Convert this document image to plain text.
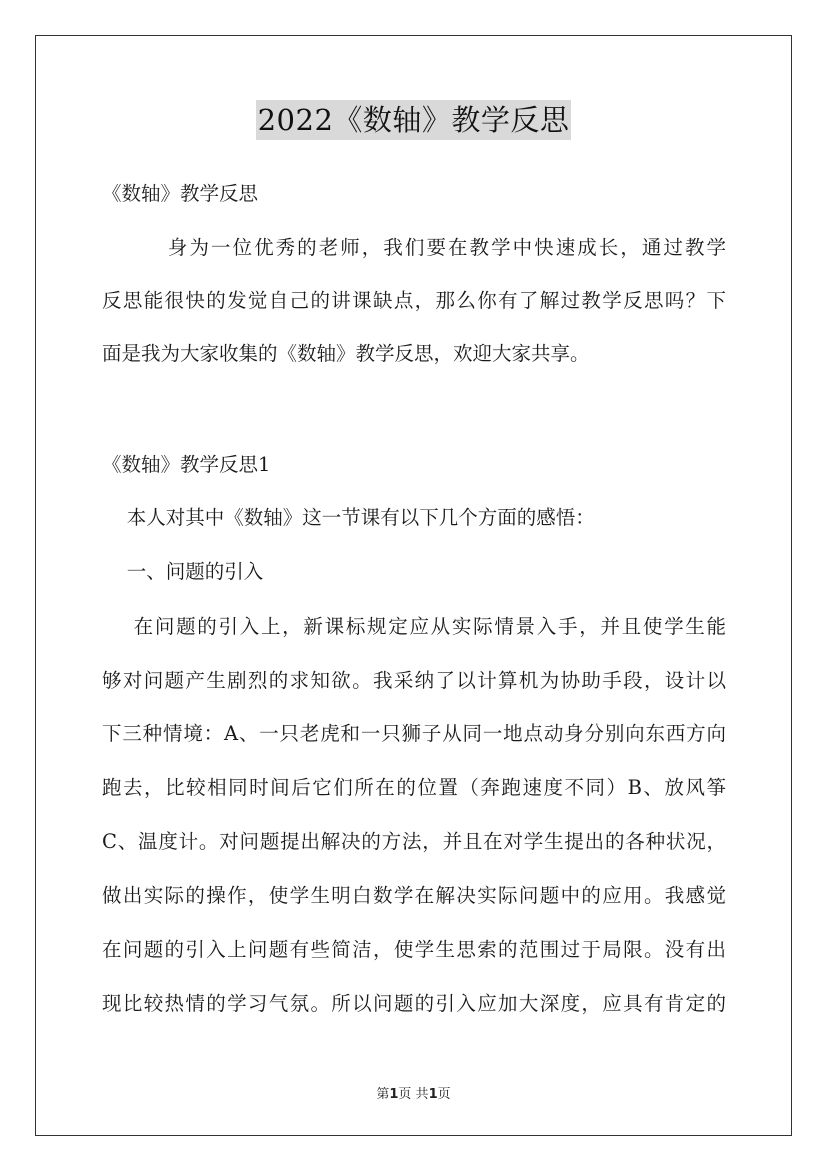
2022《数轴》教学反思
《数轴》教学反思
身为一位优秀的老师，我们要在教学中快速成长，通过教学
反思能很快的发觉自己的讲课缺点，那么你有了解过教学反思吗？下
面是我为大家收集的《数轴》教学反思，欢迎大家共享。
《数轴》教学反思1
本人对其中《数轴》这一节课有以下几个方面的感悟：
一、问题的引入
在问题的引入上，新课标规定应从实际情景入手，并且使学生能
够对问题产生剧烈的求知欲。我采纳了以计算机为协助手段，设计以
下三种情境：A、一只老虎和一只狮子从同一地点动身分别向东西方向
跑去，比较相同时间后它们所在的位置（奔跑速度不同）B、放风筝
C、温度计。对问题提出解决的方法，并且在对学生提出的各种状况，
做出实际的操作，使学生明白数学在解决实际问题中的应用。我感觉
在问题的引入上问题有些简洁，使学生思索的范围过于局限。没有出
现比较热情的学习气氛。所以问题的引入应加大深度，应具有肯定的
第1页 共1页
